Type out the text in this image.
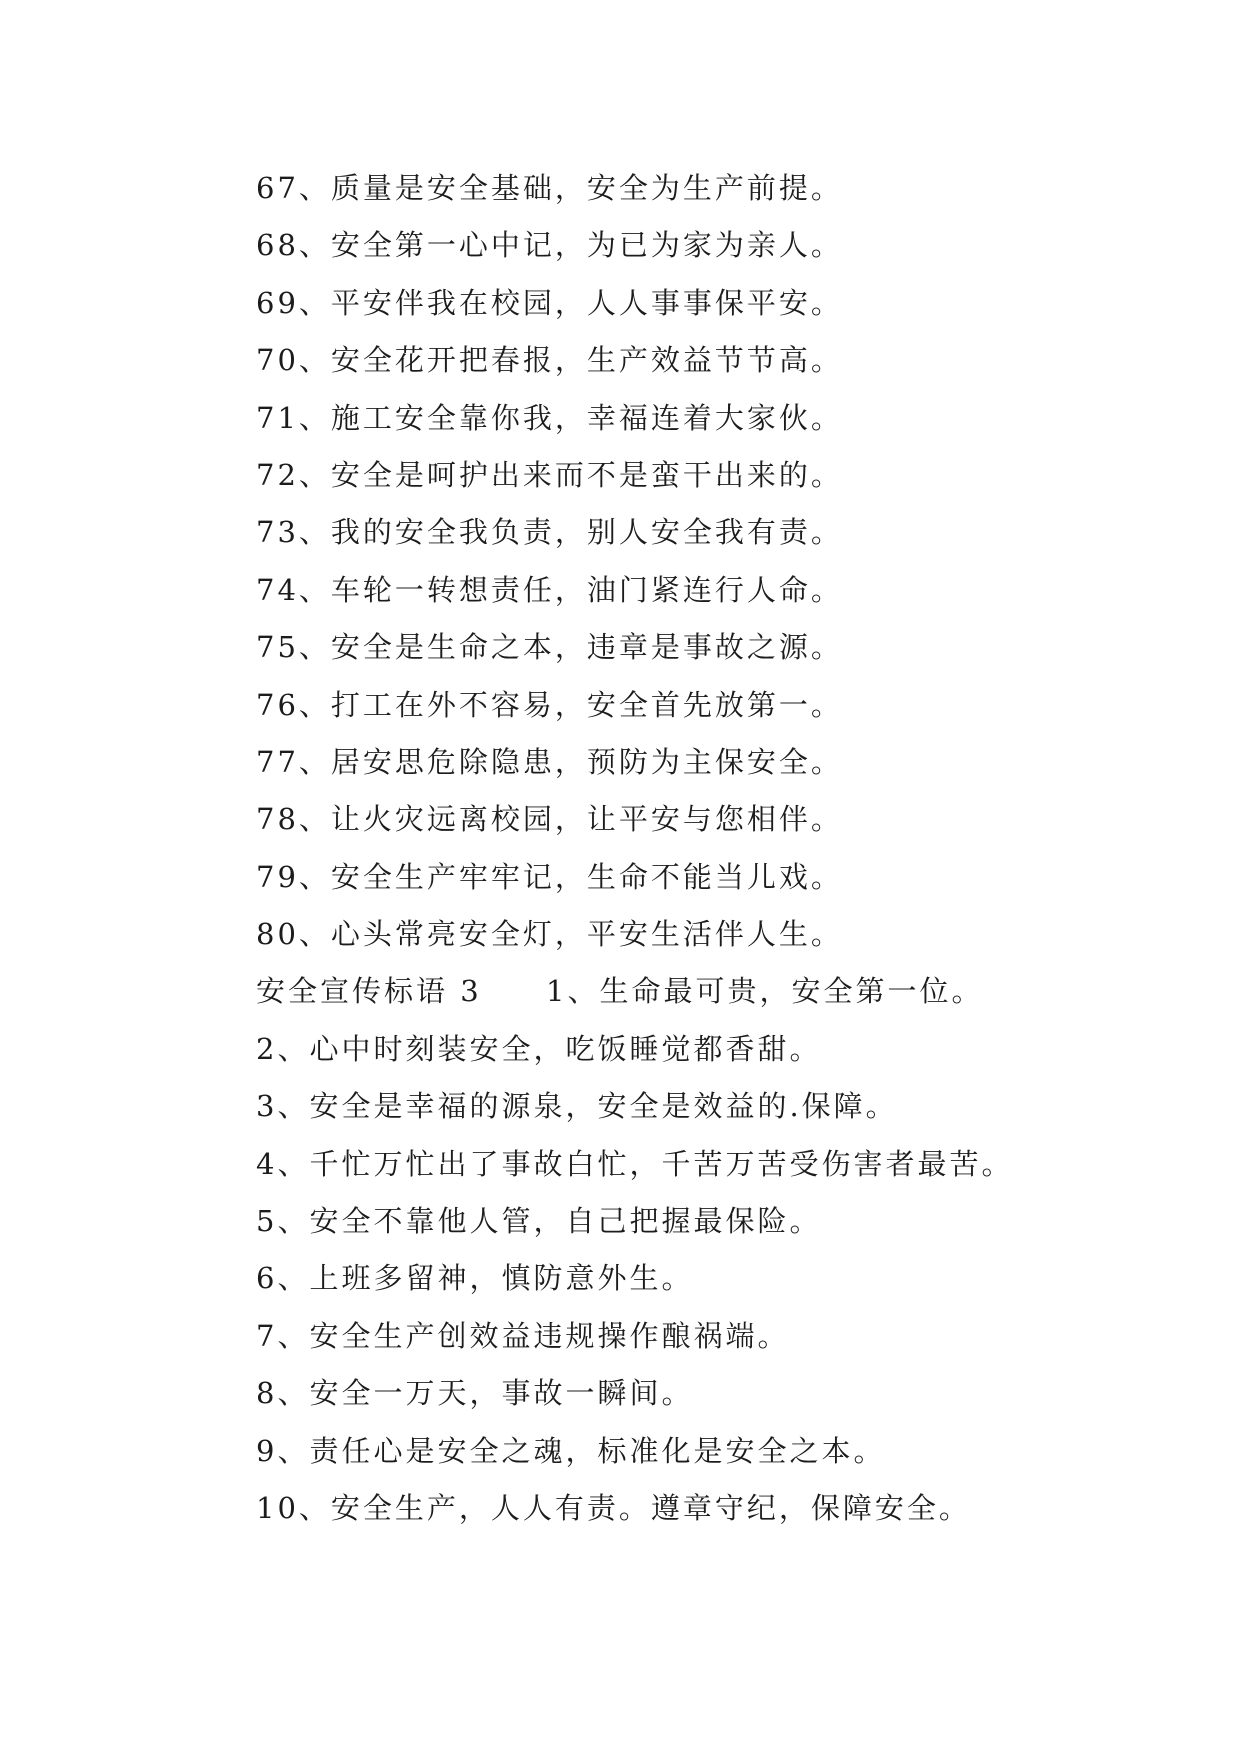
67、质量是安全基础，安全为生产前提。
68、安全第一心中记，为已为家为亲人。
69、平安伴我在校园，人人事事保平安。
70、安全花开把春报，生产效益节节高。
71、施工安全靠你我，幸福连着大家伙。
72、安全是呵护出来而不是蛮干出来的。
73、我的安全我负责，别人安全我有责。
74、车轮一转想责任，油门紧连行人命。
75、安全是生命之本，违章是事故之源。
76、打工在外不容易，安全首先放第一。
77、居安思危除隐患，预防为主保安全。
78、让火灾远离校园，让平安与您相伴。
79、安全生产牢牢记，生命不能当儿戏。
80、心头常亮安全灯，平安生活伴人生。
安全宣传标语 3 1、生命最可贵，安全第一位。
2、心中时刻装安全，吃饭睡觉都香甜。
3、安全是幸福的源泉，安全是效益的.保障。
4、千忙万忙出了事故白忙，千苦万苦受伤害者最苦。
5、安全不靠他人管，自己把握最保险。
6、上班多留神，慎防意外生。
7、安全生产创效益违规操作酿祸端。
8、安全一万天，事故一瞬间。
9、责任心是安全之魂，标准化是安全之本。
10、安全生产，人人有责。遵章守纪，保障安全。
